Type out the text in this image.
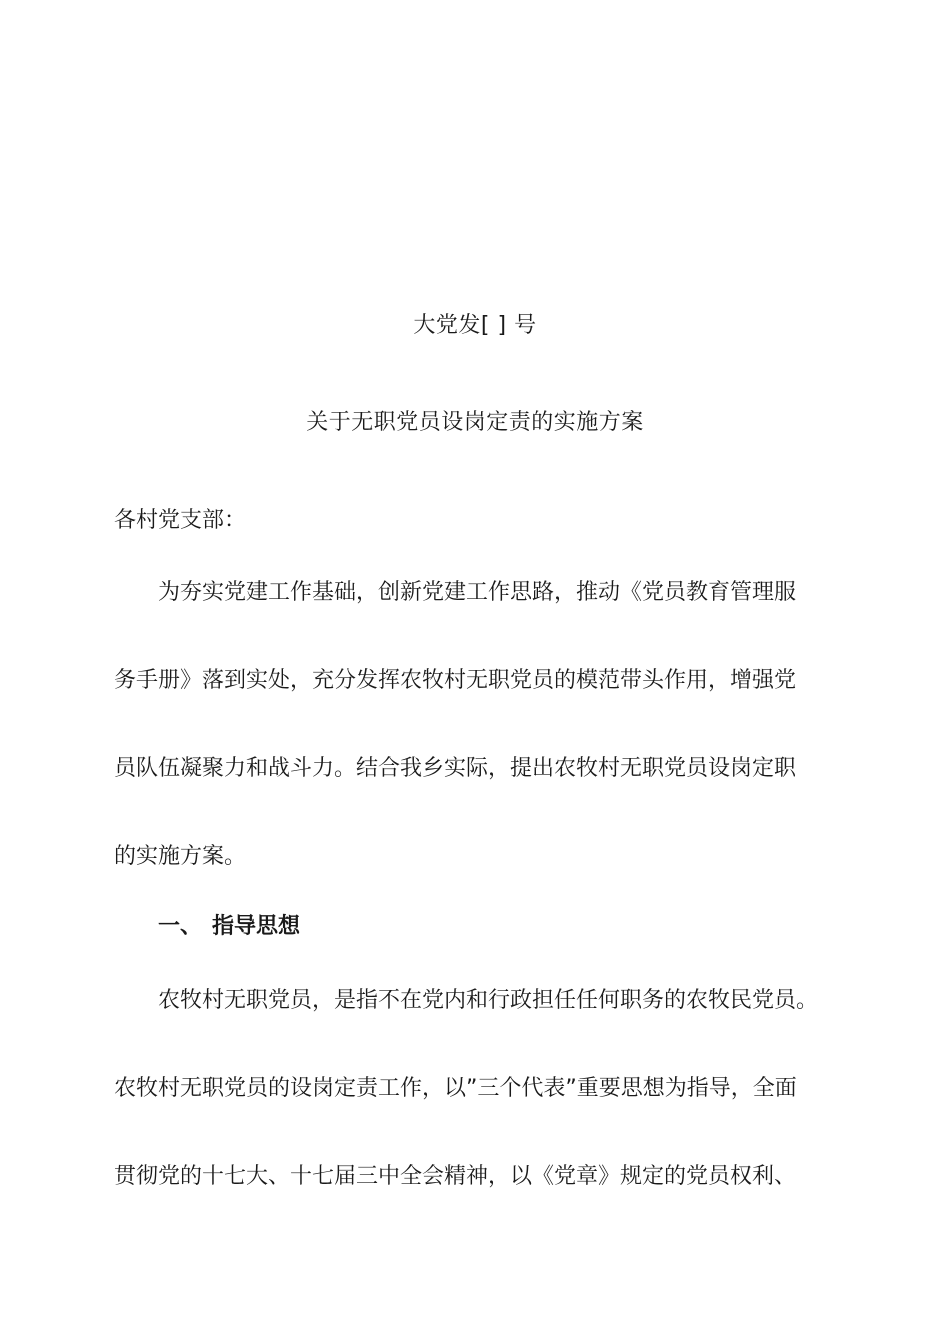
大党发[ ] 号
关于无职党员设岗定责的实施方案
各村党支部：
为夯实党建工作基础，创新党建工作思路，推动《党员教育管理服
务手册》落到实处，充分发挥农牧村无职党员的模范带头作用，增强党
员队伍凝聚力和战斗力。结合我乡实际，提出农牧村无职党员设岗定职
的实施方案。
一、 指导思想
农牧村无职党员，是指不在党内和行政担任任何职务的农牧民党员。
农牧村无职党员的设岗定责工作，以”三个代表”重要思想为指导，全面
贯彻党的十七大、十七届三中全会精神，以《党章》规定的党员权利、
